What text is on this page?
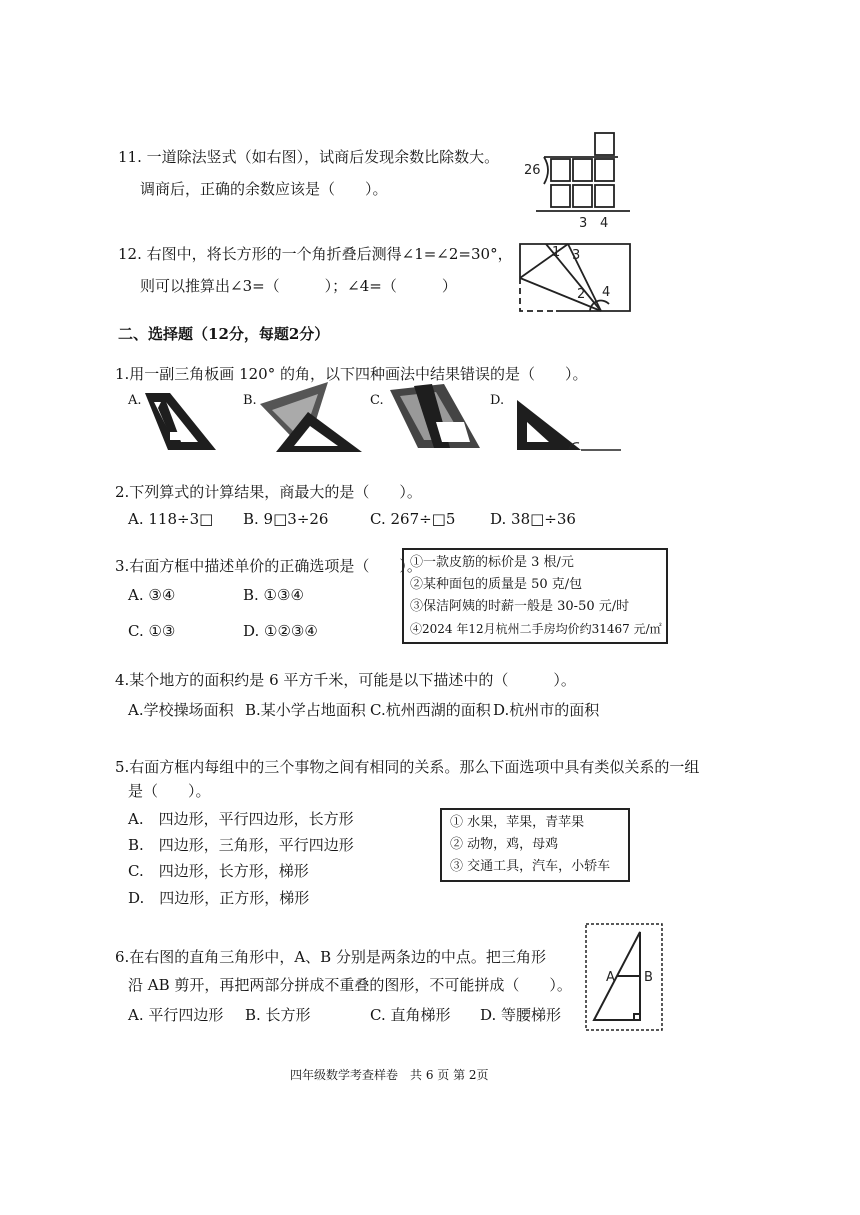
11. 一道除法竖式（如右图），试商后发现余数比除数大。
调商后，正确的余数应该是（　　）。
26
3 4
12. 右图中，将长方形的一个角折叠后测得∠1=∠2=30°，
则可以推算出∠3=（　　　）；∠4=（　　　）
1 3
2 4
二、选择题（12分，每题2分）
1.用一副三角板画 120° 的角，以下四种画法中结果错误的是（　　）。
A.	B.	C.	D.
2.下列算式的计算结果，商最大的是（　　）。
A. 118÷3□ B. 9□3÷26	C. 267÷□5 D. 38□÷36
3.右面方框中描述单价的正确选项是（　　）。
A. ③④	B. ①③④
C. ①③	D. ①②③④
①一款皮筋的标价是 3 根/元
②某种面包的质量是 50 克/包
③保洁阿姨的时薪一般是 30-50 元/时
④2024 年12月杭州二手房均价约31467 元/㎡
4.某个地方的面积约是 6 平方千米，可能是以下描述中的（　　　）。
A.学校操场面积 B.某小学占地面积 C.杭州西湖的面积 D.杭州市的面积
5.右面方框内每组中的三个事物之间有相同的关系。那么下面选项中具有类似关系的一组
是（　　）。
A.　四边形，平行四边形，长方形
B.　四边形，三角形，平行四边形
C.　四边形，长方形，梯形
D.　四边形，正方形，梯形
① 水果，苹果，青苹果
② 动物，鸡，母鸡
③ 交通工具，汽车，小轿车
6.在右图的直角三角形中，A、B 分别是两条边的中点。把三角形
沿 AB 剪开，再把两部分拼成不重叠的图形，不可能拼成（　　）。
A. 平行四边形 B. 长方形	C. 直角梯形 D. 等腰梯形
A B
四年级数学考查样卷　共 6 页 第 2页
